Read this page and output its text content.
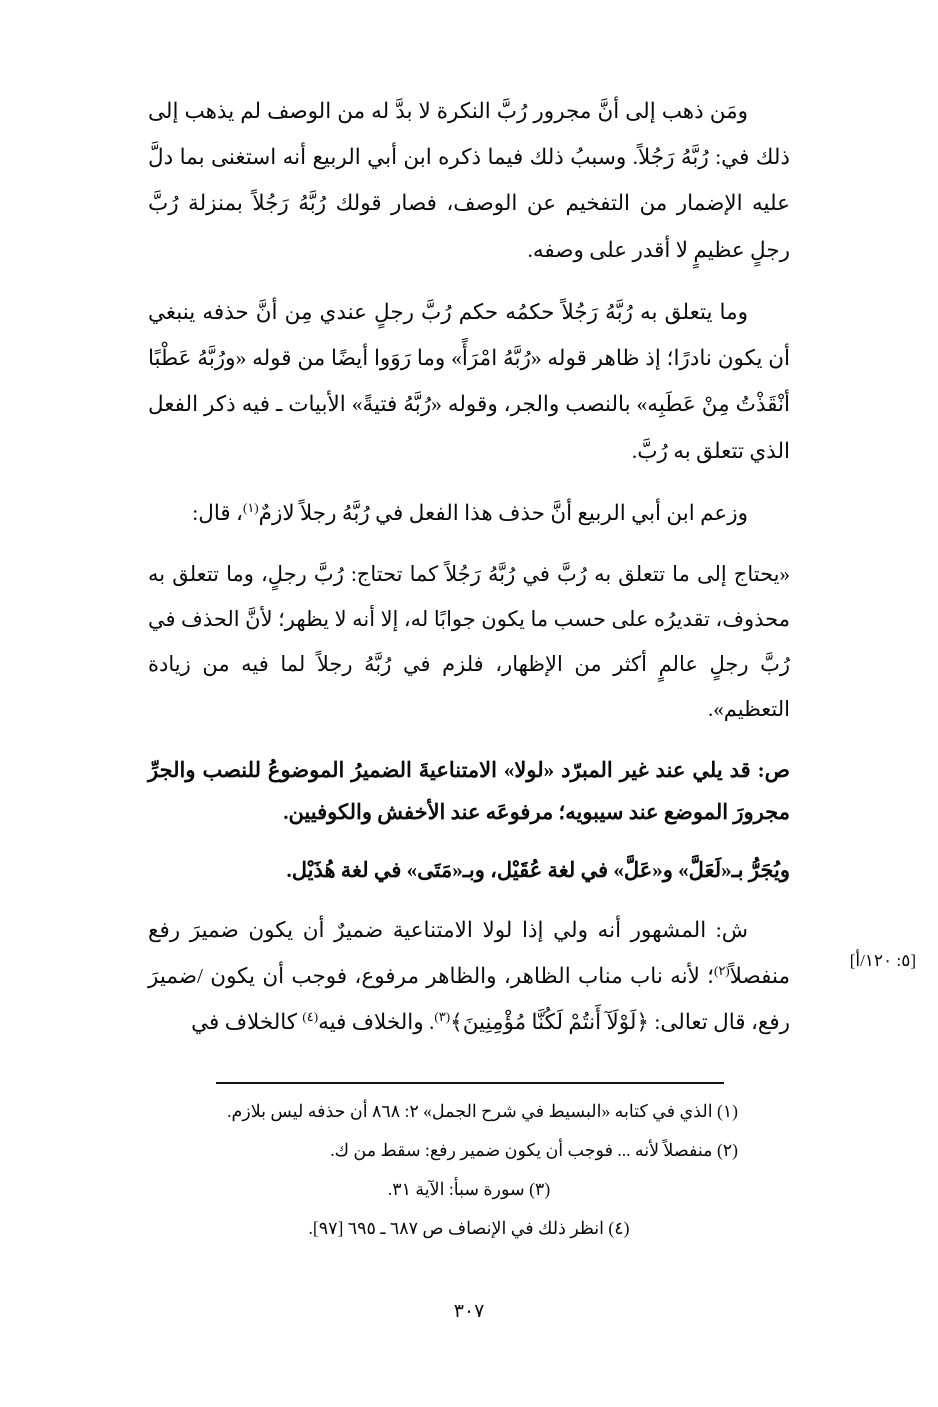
ومَن ذهب إلى أنَّ مجرور رُبَّ النكرة لا بدَّ له من الوصف لم يذهب إلى ذلك في: رُبَّهُ رَجُلاً. وسببُ ذلك فيما ذكره ابن أبي الربيع أنه استغنى بما دلَّ عليه الإضمار من التفخيم عن الوصف، فصار قولك رُبَّهُ رَجُلاً بمنزلة رُبَّ رجلٍ عظيمٍ لا أقدر على وصفه.

وما يتعلق به رُبَّهُ رَجُلاً حكمُه حكم رُبَّ رجلٍ عندي مِن أنَّ حذفه ينبغي أن يكون نادرًا؛ إذ ظاهر قوله «رُبَّهُ امْرَأً» وما رَوَوا أيضًا من قوله «ورُبَّهُ عَطْبًا أنْقَذْتُ مِنْ عَطَبِه» بالنصب والجر، وقوله «رُبَّهُ فتيةً» الأبيات ـ فيه ذكر الفعل الذي تتعلق به رُبَّ.

وزعم ابن أبي الربيع أنَّ حذف هذا الفعل في رُبَّهُ رجلاً لازمٌ$^{(١)}$، قال:

«يحتاج إلى ما تتعلق به رُبَّ في رُبَّهُ رَجُلاً كما تحتاج: رُبَّ رجلٍ، وما تتعلق به محذوف، تقديرُه على حسب ما يكون جوابًا له، إلا أنه لا يظهر؛ لأنَّ الحذف في رُبَّ رجلٍ عالمٍ أكثر من الإظهار، فلزم في رُبَّهُ رجلاً لما فيه من زيادة التعظيم».

ص: قد يلي عند غير المبرّد «لولا» الامتناعيةَ الضميرُ الموضوعُ للنصب والجرِّ مجرورَ الموضع عند سيبويه؛ مرفوعَه عند الأخفش والكوفيين.

ويُجَرُّ بـ«لَعَلَّ» و«عَلَّ» في لغة عُقَيْل، وبـ«مَتَى» في لغة هُذَيْل.

ش: المشهور أنه ولي إذا لولا الامتناعية ضميرٌ أن يكون ضميرَ رفع منفصلاً$^{(٢)}$؛ لأنه ناب مناب الظاهر، والظاهر مرفوع، فوجب أن يكون /ضميرَ رفع، قال تعالى: ﴿لَوْلَآ أَنتُمْ لَكُنَّا مُؤْمِنِينَ﴾$^{(٣)}$. والخلاف فيه$^{(٤)}$ كالخلاف في

[٥: ١٢٠/أ]

(١) الذي في كتابه «البسيط في شرح الجمل» ٢: ٨٦٨ أن حذفه ليس بلازم.

(٢) منفصلاً لأنه ... فوجب أن يكون ضمير رفع: سقط من ك.

(٣) سورة سبأ: الآية ٣١.

(٤) انظر ذلك في الإنصاف ص ٦٨٧ ـ ٦٩٥ [٩٧].

٣٠٧
